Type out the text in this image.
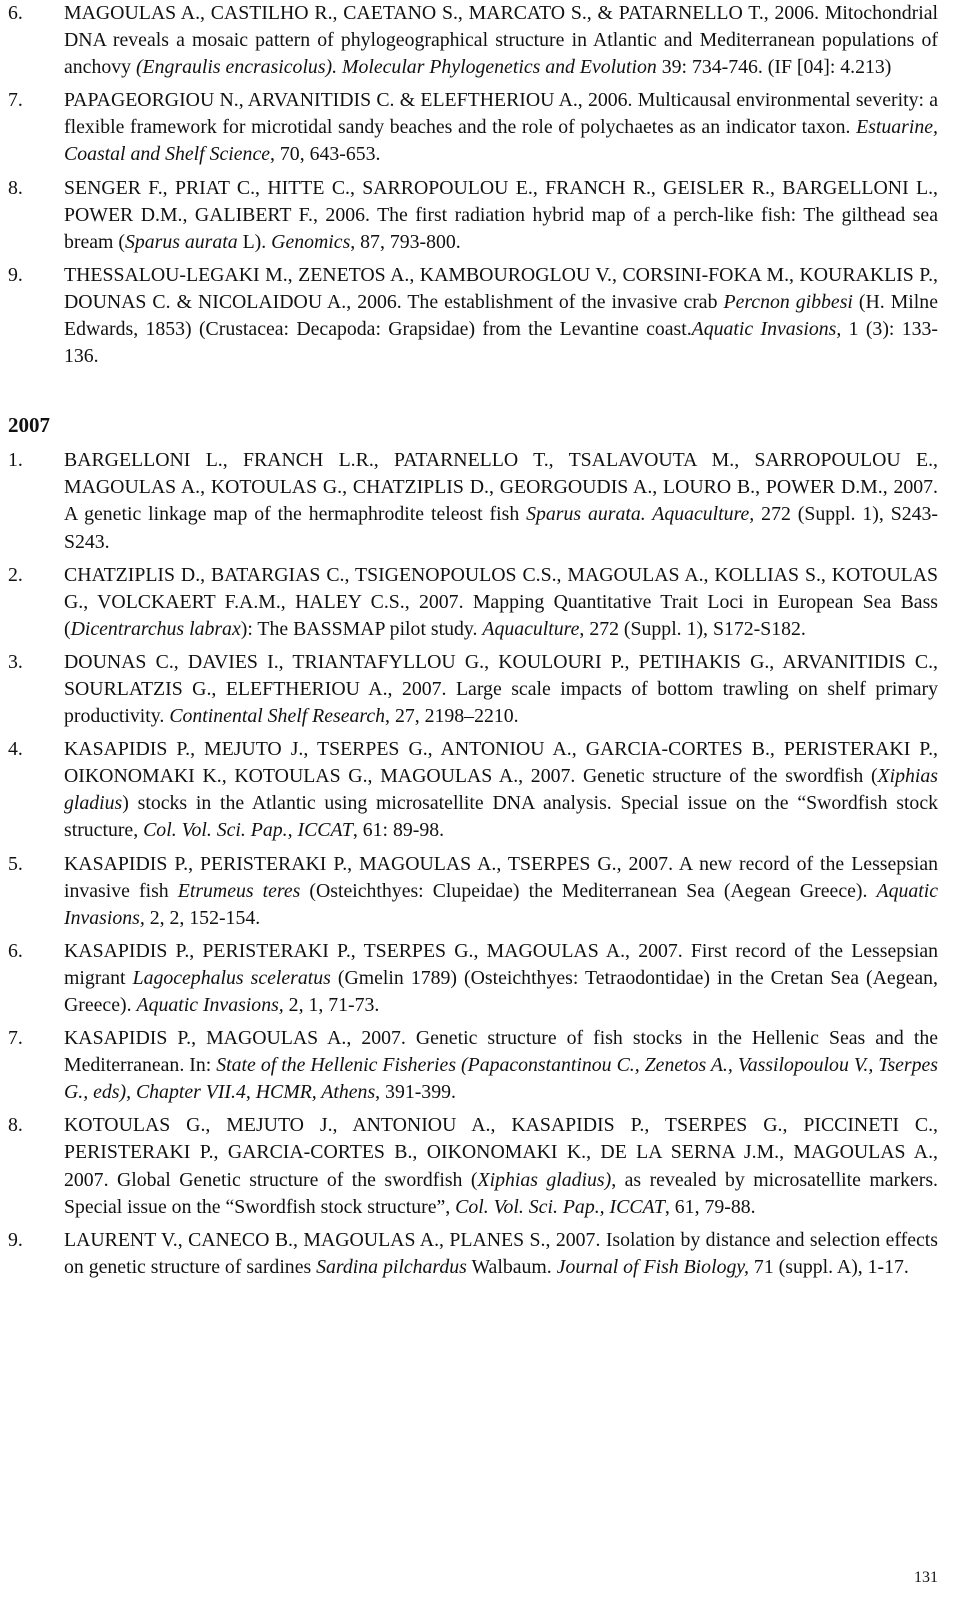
6.	MAGOULAS A., CASTILHO R., CAETANO S., MARCATO S., & PATARNELLO T., 2006. Mitochondrial DNA reveals a mosaic pattern of phylogeographical structure in Atlantic and Mediterranean populations of anchovy (Engraulis encrasicolus). Molecular Phylogenetics and Evolution 39: 734-746. (IF [04]: 4.213)
7.	PAPAGEORGIOU N., ARVANITIDIS C. & ELEFTHERIOU A., 2006. Multicausal environmental severity: a flexible framework for microtidal sandy beaches and the role of polychaetes as an indicator taxon. Estuarine, Coastal and Shelf Science, 70, 643-653.
8.	SENGER F., PRIAT C., HITTE C., SARROPOULOU E., FRANCH R., GEISLER R., BARGELLONI L., POWER D.M., GALIBERT F., 2006. The first radiation hybrid map of a perch-like fish: The gilthead sea bream (Sparus aurata L). Genomics, 87, 793-800.
9.	THESSALOU-LEGAKI M., ZENETOS A., KAMBOUROGLOU V., CORSINI-FOKA M., KOURAKLIS P., DOUNAS C. & NICOLAIDOU A., 2006. The establishment of the invasive crab Percnon gibbesi (H. Milne Edwards, 1853) (Crustacea: Decapoda: Grapsidae) from the Levantine coast.Aquatic Invasions, 1 (3): 133-136.
2007
1.	BARGELLONI L., FRANCH L.R., PATARNELLO T., TSALAVOUTA M., SARROPOULOU E., MAGOULAS A., KOTOULAS G., CHATZIPLIS D., GEORGOUDIS A., LOURO B., POWER D.M., 2007. A genetic linkage map of the hermaphrodite teleost fish Sparus aurata. Aquaculture, 272 (Suppl. 1), S243-S243.
2.	CHATZIPLIS D., BATARGIAS C., TSIGENOPOULOS C.S., MAGOULAS A., KOLLIAS S., KOTOULAS G., VOLCKAERT F.A.M., HALEY C.S., 2007. Mapping Quantitative Trait Loci in European Sea Bass (Dicentrarchus labrax): The BASSMAP pilot study. Aquaculture, 272 (Suppl. 1), S172-S182.
3.	DOUNAS C., DAVIES I., TRIANTAFYLLOU G., KOULOURI P., PETIHAKIS G., ARVANITIDIS C., SOURLATZIS G., ELEFTHERIOU A., 2007. Large scale impacts of bottom trawling on shelf primary productivity. Continental Shelf Research, 27, 2198–2210.
4.	KASAPIDIS P., MEJUTO J., TSERPES G., ANTONIOU A., GARCIA-CORTES B., PERISTERAKI P., OIKONOMAKI K., KOTOULAS G., MAGOULAS A., 2007. Genetic structure of the swordfish (Xiphias gladius) stocks in the Atlantic using microsatellite DNA analysis. Special issue on the “Swordfish stock structure, Col. Vol. Sci. Pap., ICCAT, 61: 89-98.
5.	KASAPIDIS P., PERISTERAKI P., MAGOULAS A., TSERPES G., 2007. A new record of the Lessepsian invasive fish Etrumeus teres (Osteichthyes: Clupeidae) the Mediterranean Sea (Aegean Greece). Aquatic Invasions, 2, 2, 152-154.
6.	KASAPIDIS P., PERISTERAKI P., TSERPES G., MAGOULAS A., 2007. First record of the Lessepsian migrant Lagocephalus sceleratus (Gmelin 1789) (Osteichthyes: Tetraodontidae) in the Cretan Sea (Aegean, Greece). Aquatic Invasions, 2, 1, 71-73.
7.	KASAPIDIS P., MAGOULAS A., 2007. Genetic structure of fish stocks in the Hellenic Seas and the Mediterranean. In: State of the Hellenic Fisheries (Papaconstantinou C., Zenetos A., Vassilopoulou V., Tserpes G., eds), Chapter VII.4, HCMR, Athens, 391-399.
8.	KOTOULAS G., MEJUTO J., ANTONIOU A., KASAPIDIS P., TSERPES G., PICCINETI C., PERISTERAKI P., GARCIA-CORTES B., OIKONOMAKI K., DE LA SERNA J.M., MAGOULAS A., 2007. Global Genetic structure of the swordfish (Xiphias gladius), as revealed by microsatellite markers. Special issue on the “Swordfish stock structure”, Col. Vol. Sci. Pap., ICCAT, 61, 79-88.
9.	LAURENT V., CANECO B., MAGOULAS A., PLANES S., 2007. Isolation by distance and selection effects on genetic structure of sardines Sardina pilchardus Walbaum. Journal of Fish Biology, 71 (suppl. A), 1-17.
131
